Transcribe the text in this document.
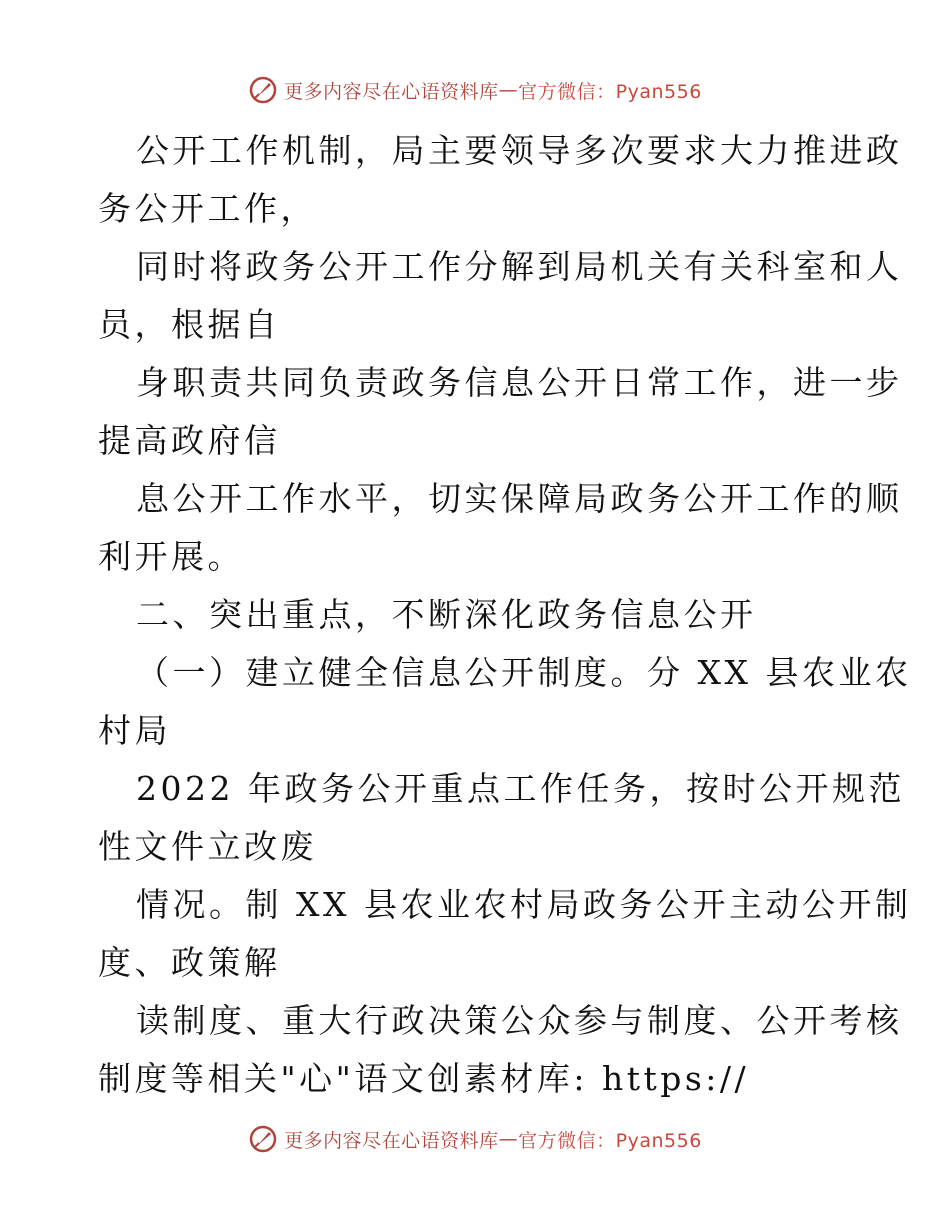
更多内容尽在心语资料库 — 官方微信：Pyan556
公开工作机制，局主要领导多次要求大力推进政
务公开工作，
同时将政务公开工作分解到局机关有关科室和人
员，根据自
身职责共同负责政务信息公开日常工作，进一步
提高政府信
息公开工作水平，切实保障局政务公开工作的顺
利开展。
二、突出重点，不断深化政务信息公开
（一）建立健全信息公开制度。分 XX 县农业农
村局
2022 年政务公开重点工作任务，按时公开规范
性文件立改废
情况。制 XX 县农业农村局政务公开主动公开制
度、政策解
读制度、重大行政决策公众参与制度、公开考核
制度等相关"心"语文创素材库: https://
更多内容尽在心语资料库 — 官方微信：Pyan556
